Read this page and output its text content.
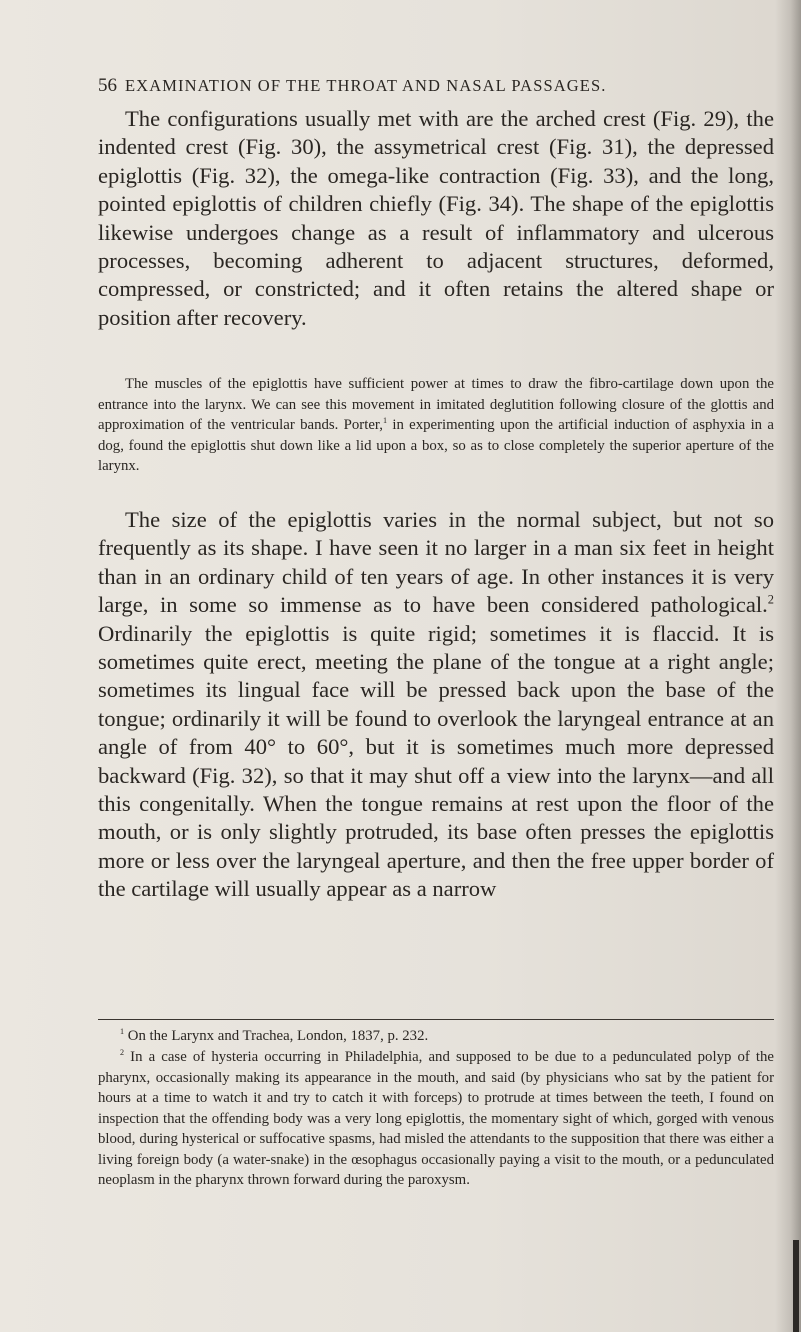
56 EXAMINATION OF THE THROAT AND NASAL PASSAGES.

The configurations usually met with are the arched crest (Fig. 29), the indented crest (Fig. 30), the assymetrical crest (Fig. 31), the depressed epiglottis (Fig. 32), the omega-like contraction (Fig. 33), and the long, pointed epiglottis of children chiefly (Fig. 34). The shape of the epiglottis likewise undergoes change as a result of inflammatory and ulcerous processes, becoming adherent to adjacent structures, deformed, compressed, or constricted; and it often retains the altered shape or position after recovery.

The muscles of the epiglottis have sufficient power at times to draw the fibro-cartilage down upon the entrance into the larynx. We can see this movement in imitated deglutition following closure of the glottis and approximation of the ventricular bands. Porter,$^1$ in experimenting upon the artificial induction of asphyxia in a dog, found the epiglottis shut down like a lid upon a box, so as to close completely the superior aperture of the larynx.

The size of the epiglottis varies in the normal subject, but not so frequently as its shape. I have seen it no larger in a man six feet in height than in an ordinary child of ten years of age. In other instances it is very large, in some so immense as to have been considered pathological.$^2$ Ordinarily the epiglottis is quite rigid; sometimes it is flaccid. It is sometimes quite erect, meeting the plane of the tongue at a right angle; sometimes its lingual face will be pressed back upon the base of the tongue; ordinarily it will be found to overlook the laryngeal entrance at an angle of from 40° to 60°, but it is sometimes much more depressed backward (Fig. 32), so that it may shut off a view into the larynx—and all this congenitally. When the tongue remains at rest upon the floor of the mouth, or is only slightly protruded, its base often presses the epiglottis more or less over the laryngeal aperture, and then the free upper border of the cartilage will usually appear as a narrow

$^1$ On the Larynx and Trachea, London, 1837, p. 232.

$^2$ In a case of hysteria occurring in Philadelphia, and supposed to be due to a pedunculated polyp of the pharynx, occasionally making its appearance in the mouth, and said (by physicians who sat by the patient for hours at a time to watch it and try to catch it with forceps) to protrude at times between the teeth, I found on inspection that the offending body was a very long epiglottis, the momentary sight of which, gorged with venous blood, during hysterical or suffocative spasms, had misled the attendants to the supposition that there was either a living foreign body (a water-snake) in the œsophagus occasionally paying a visit to the mouth, or a pedunculated neoplasm in the pharynx thrown forward during the paroxysm.
